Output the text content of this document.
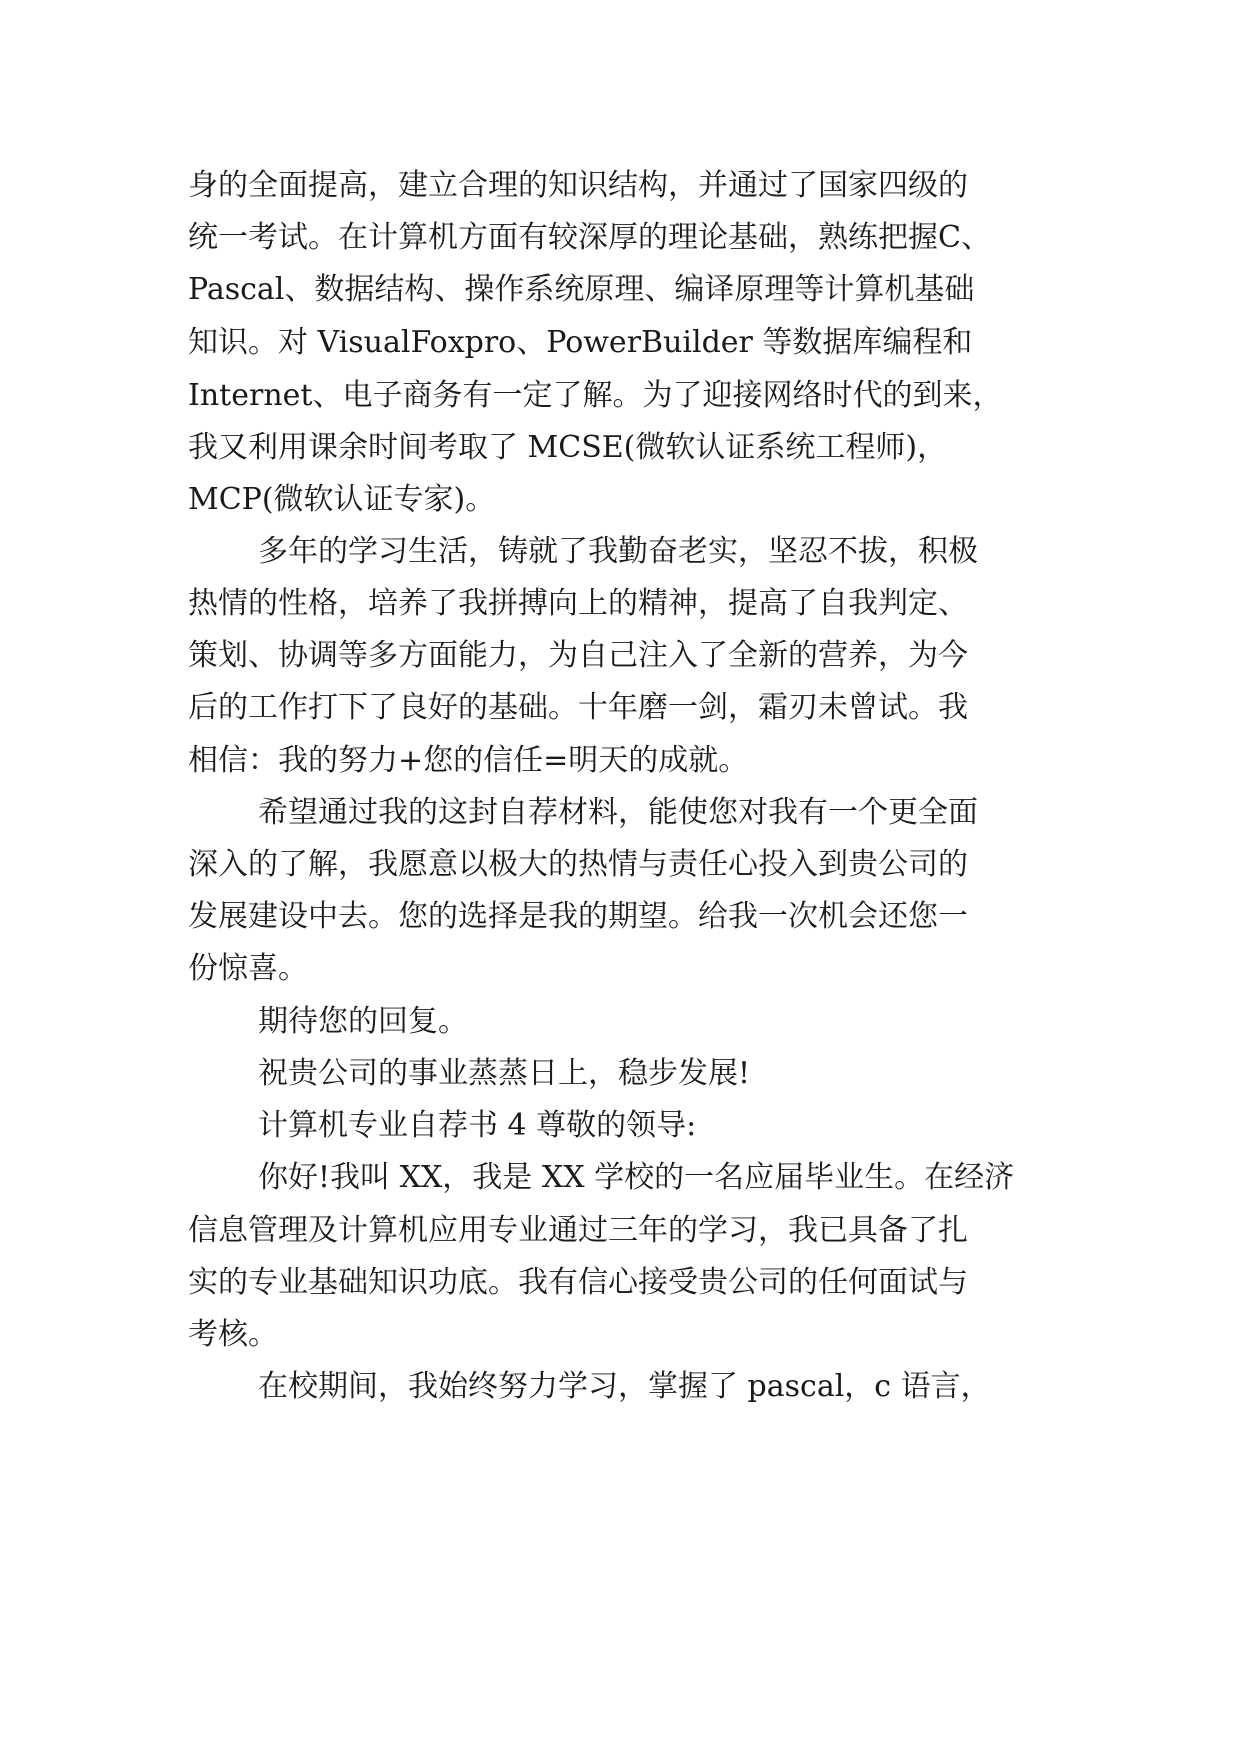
身的全面提高，建立合理的知识结构，并通过了国家四级的
统一考试。在计算机方面有较深厚的理论基础，熟练把握C、
Pascal、数据结构、操作系统原理、编译原理等计算机基础
知识。对 VisualFoxpro、PowerBuilder 等数据库编程和
Internet、电子商务有一定了解。为了迎接网络时代的到来，
我又利用课余时间考取了 MCSE(微软认证系统工程师)，
MCP(微软认证专家)。
多年的学习生活，铸就了我勤奋老实，坚忍不拔，积极
热情的性格，培养了我拼搏向上的精神，提高了自我判定、
策划、协调等多方面能力，为自己注入了全新的营养，为今
后的工作打下了良好的基础。十年磨一剑，霜刃未曾试。我
相信：我的努力+您的信任=明天的成就。
希望通过我的这封自荐材料，能使您对我有一个更全面
深入的了解，我愿意以极大的热情与责任心投入到贵公司的
发展建设中去。您的选择是我的期望。给我一次机会还您一
份惊喜。
期待您的回复。
祝贵公司的事业蒸蒸日上，稳步发展!
计算机专业自荐书 4 尊敬的领导:
你好!我叫 XX，我是 XX 学校的一名应届毕业生。在经济
信息管理及计算机应用专业通过三年的学习，我已具备了扎
实的专业基础知识功底。我有信心接受贵公司的任何面试与
考核。
在校期间，我始终努力学习，掌握了 pascal，c 语言，
